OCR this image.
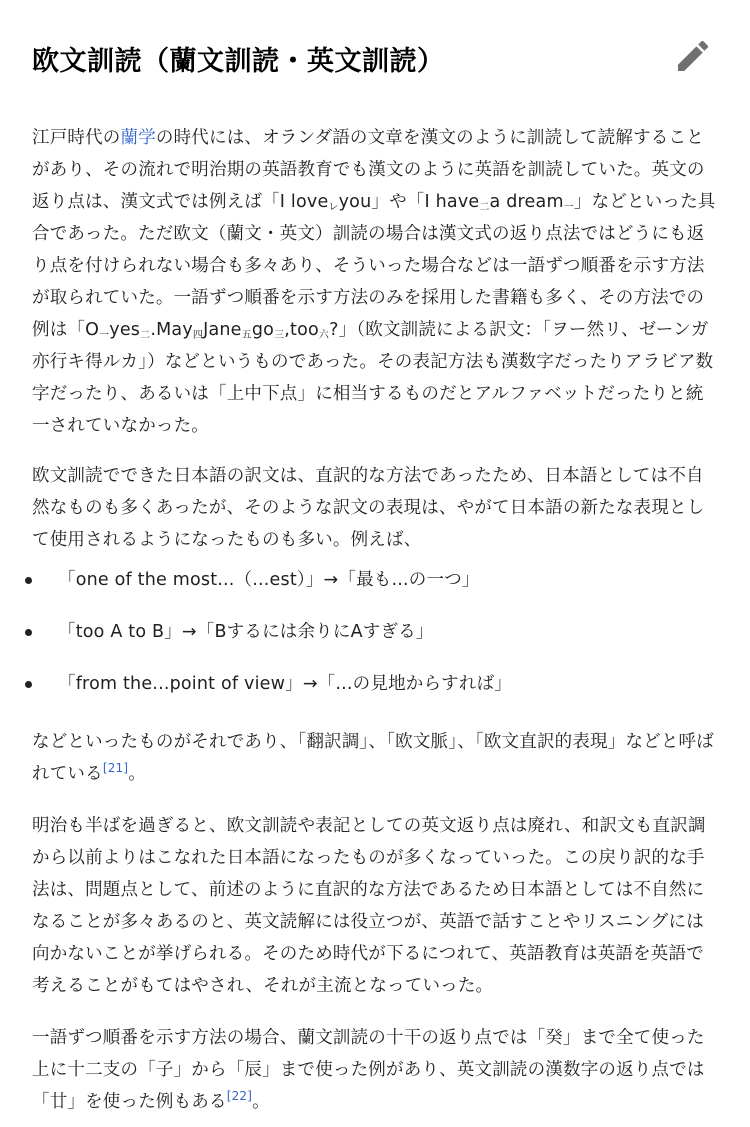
欧文訓読（蘭文訓読・英文訓読）

江戸時代の蘭学の時代には、オランダ語の文章を漢文のように訓読して読解することがあり、その流れで明治期の英語教育でも漢文のように英語を訓読していた。英文の返り点は、漢文式では例えば「I loveレyou」や「I have二a dream一」などといった具合であった。ただ欧文（蘭文・英文）訓読の場合は漢文式の返り点法ではどうにも返り点を付けられない場合も多々あり、そういった場合などは一語ずつ順番を示す方法が取られていた。一語ずつ順番を示す方法のみを採用した書籍も多く、その方法での例は「O一yes二.May四Jane五go三,too六?」（欧文訓読による訳文：「ヲー然リ、ゼーンガ亦行キ得ルカ」）などというものであった。その表記方法も漢数字だったりアラビア数字だったり、あるいは「上中下点」に相当するものだとアルファベットだったりと統一されていなかった。

欧文訓読でできた日本語の訳文は、直訳的な方法であったため、日本語としては不自然なものも多くあったが、そのような訳文の表現は、やがて日本語の新たな表現として使用されるようになったものも多い。例えば、

「one of the most...（...est）」→「最も...の一つ」
「too A to B」→「Bするには余りにAすぎる」
「from the...point of view」→「...の見地からすれば」

などといったものがそれであり、「翻訳調」、「欧文脈」、「欧文直訳的表現」などと呼ばれている[21]。

明治も半ばを過ぎると、欧文訓読や表記としての英文返り点は廃れ、和訳文も直訳調から以前よりはこなれた日本語になったものが多くなっていった。この戻り訳的な手法は、問題点として、前述のように直訳的な方法であるため日本語としては不自然になることが多々あるのと、英文読解には役立つが、英語で話すことやリスニングには向かないことが挙げられる。そのため時代が下るにつれて、英語教育は英語を英語で考えることがもてはやされ、それが主流となっていった。

一語ずつ順番を示す方法の場合、蘭文訓読の十干の返り点では「癸」まで全て使った上に十二支の「子」から「辰」まで使った例があり、英文訓読の漢数字の返り点では「廿」を使った例もある[22]。
